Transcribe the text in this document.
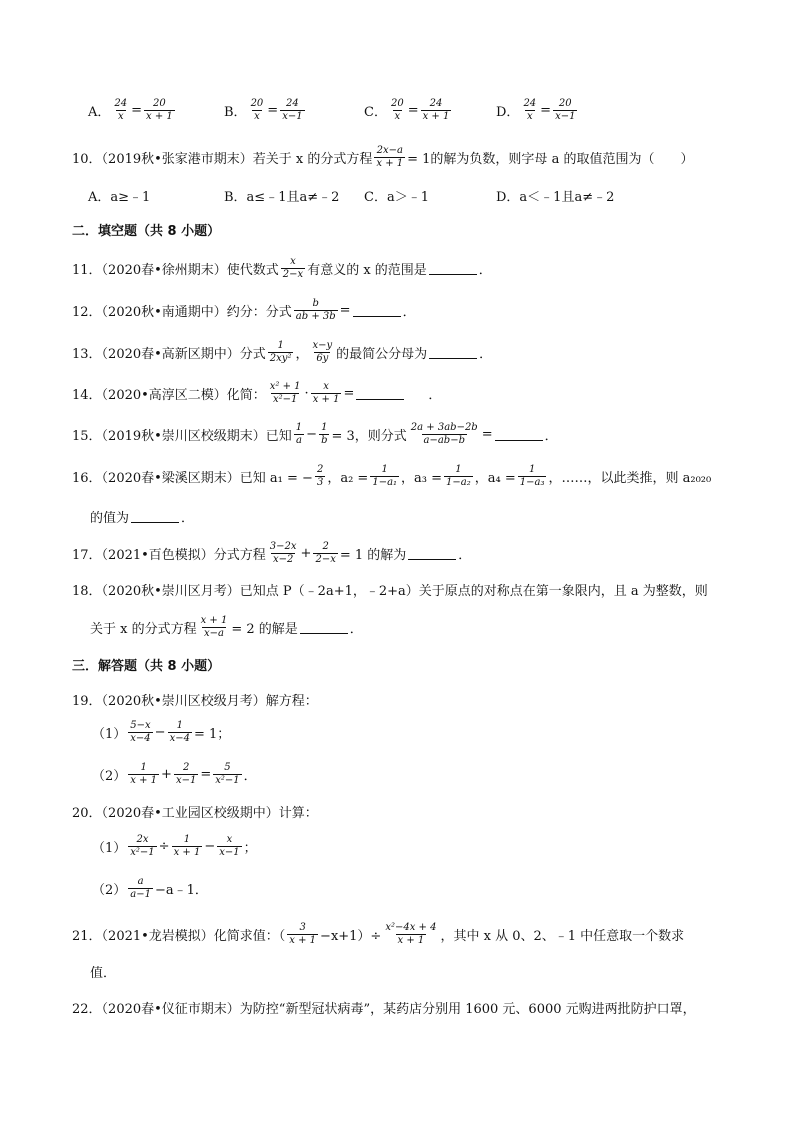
A． $\frac{24}{x} = \frac{20}{x + 1}$	B． $\frac{20}{x} = \frac{24}{x-1}$	C． $\frac{20}{x} = \frac{24}{x + 1}$	D． $\frac{24}{x} = \frac{20}{x-1}$
10．（2019秋•张家港市期末）若关于 x 的分式方程 $\frac{2x-a}{x + 1} = 1$的解为负数，则字母 a 的取值范围为（　　）
A．a≥﹣1	B．a≤﹣1且a≠﹣2 C．a＞﹣1	D．a＜﹣1且a≠﹣2
二．填空题（共 8 小题）
11．（2020春•徐州期末）使代数式 $\frac{x}{2-x}$ 有意义的 x 的范围是	．
12．（2020秋•南通期中）约分：分式 $\frac{b}{ab + 3b}$ =	．
13．（2020春•高新区期中）分式 $\frac{1}{\text{2xy²}}$ ， $\frac{x-y}{6y}$ 的最简公分母为	．
14．（2020•高淳区二模）化简： $\frac{\text{x² + 1}}{\text{x²−1}} \cdot \frac{x}{x + 1}$ =	．
15．（2019秋•崇川区校级期末）已知 $\frac{1}{a} - \frac{1}{b} = 3$，则分式 $\frac{2a + 3ab-2b}{a-ab-b}$ =	．
16．（2020春•梁溪区期末）已知 a₁ = − $\frac{2}{3}$ ，$a_2 = \frac{1}{\text{1−a₁}}$ ，$a_3 = \frac{1}{\text{1−a₂}}$ ，$a_4 = \frac{1}{\text{1−a₃}}$ ，……，以此类推，则 a₂₀₂₀
的值为	．
17．（2021•百色模拟）分式方程 $\frac{3-2x}{x-2} + \frac{2}{2-x} = 1$ 的解为	．
18．（2020秋•崇川区月考）已知点 P（﹣2a+1，﹣2+a）关于原点的对称点在第一象限内，且 a 为整数，则
关于 x 的分式方程 $\frac{x + 1}{x-a} = 2$ 的解是	．
三．解答题（共 8 小题）
19．（2020秋•崇川区校级月考）解方程：
$(1) \frac{5-x}{x-4} - \frac{1}{x-4} = 1$；
$(2) \frac{1}{x + 1} + \frac{2}{x-1} = \frac{5}{\text{x²−1}}$ ．
20．（2020春•工业园区校级期中）计算：
$(1) \frac{2x}{\text{x²−1}} \div \frac{1}{x + 1} - \frac{x}{x-1}$ ；
$(2) \frac{a}{a-1}$ −a﹣1．
21．（2021•龙岩模拟）化简求值：（ $\frac{3}{x + 1} -x+1)\div \frac{\text{x²−4x + 4}}{x + 1}$ ，其中 x 从 0、2、﹣1 中任意取一个数求
值．
22．（2020春•仪征市期末）为防控“新型冠状病毒”，某药店分别用 1600 元、6000 元购进两批防护口罩，
